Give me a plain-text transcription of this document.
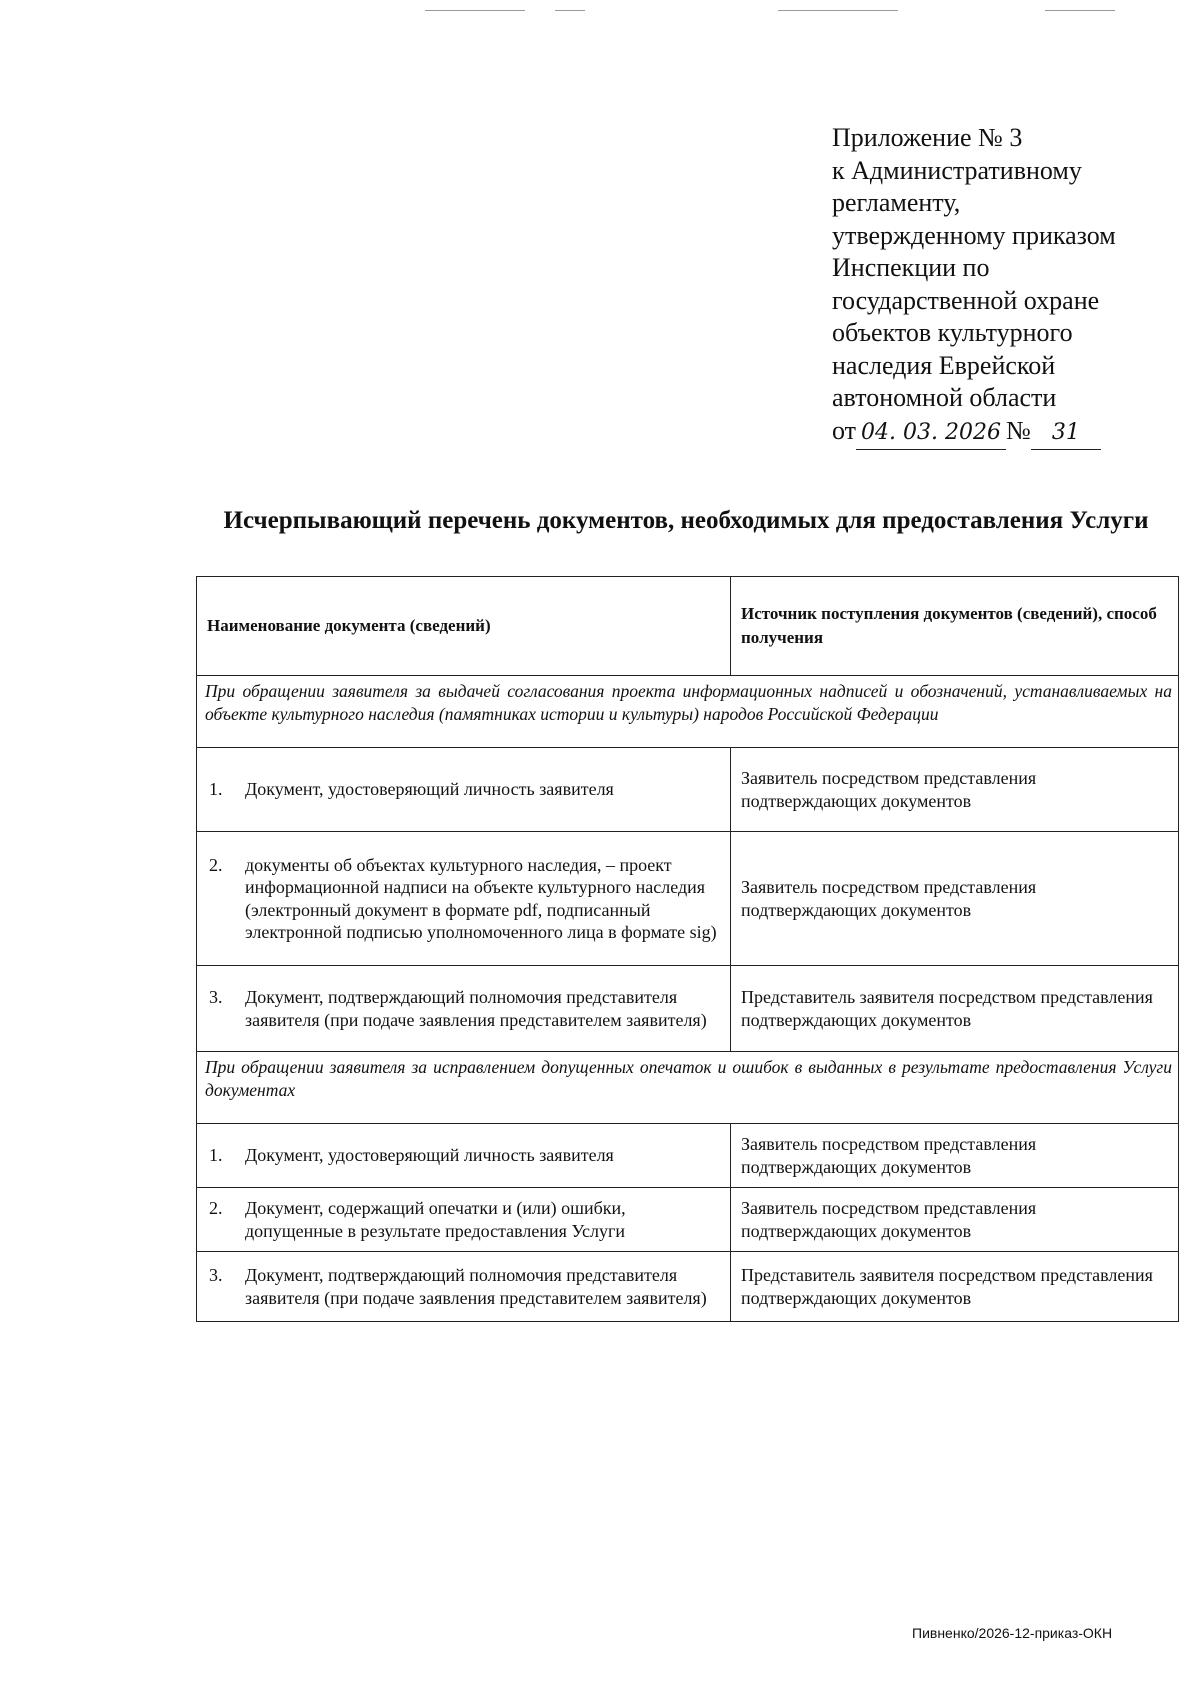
Приложение № 3
к Административному
регламенту,
утвержденному приказом
Инспекции по
государственной охране
объектов культурного
наследия Еврейской
автономной области
от 04. 03. 2026 № 31
Исчерпывающий перечень документов, необходимых для предоставления Услуги
Наименование документа (сведений)	Источник поступления документов (сведений), способ получения
При обращении заявителя за выдачей согласования проекта информационных надписей и обозначений, устанавливаемых на объекте культурного наследия (памятниках истории и культуры) народов Российской Федерации	

1. Документ, удостоверяющий личность заявителя	Заявитель посредством представления подтверждающих документов

2. документы об объектах культурного наследия, – проект информационной надписи на объекте культурного наследия (электронный документ в формате pdf, подписанный электронной подписью уполномоченного лица в формате sig)	Заявитель посредством представления подтверждающих документов

3. Документ, подтверждающий полномочия представителя заявителя (при подаче заявления представителем заявителя)	Представитель заявителя посредством представления подтверждающих документов
При обращении заявителя за исправлением допущенных опечаток и ошибок в выданных в результате предоставления Услуги документах	

1. Документ, удостоверяющий личность заявителя	Заявитель посредством представления подтверждающих документов

2. Документ, содержащий опечатки и (или) ошибки, допущенные в результате предоставления Услуги	Заявитель посредством представления подтверждающих документов

3. Документ, подтверждающий полномочия представителя заявителя (при подаче заявления представителем заявителя)	Представитель заявителя посредством представления подтверждающих документов
Пивненко/2026-12-приказ-ОКН
